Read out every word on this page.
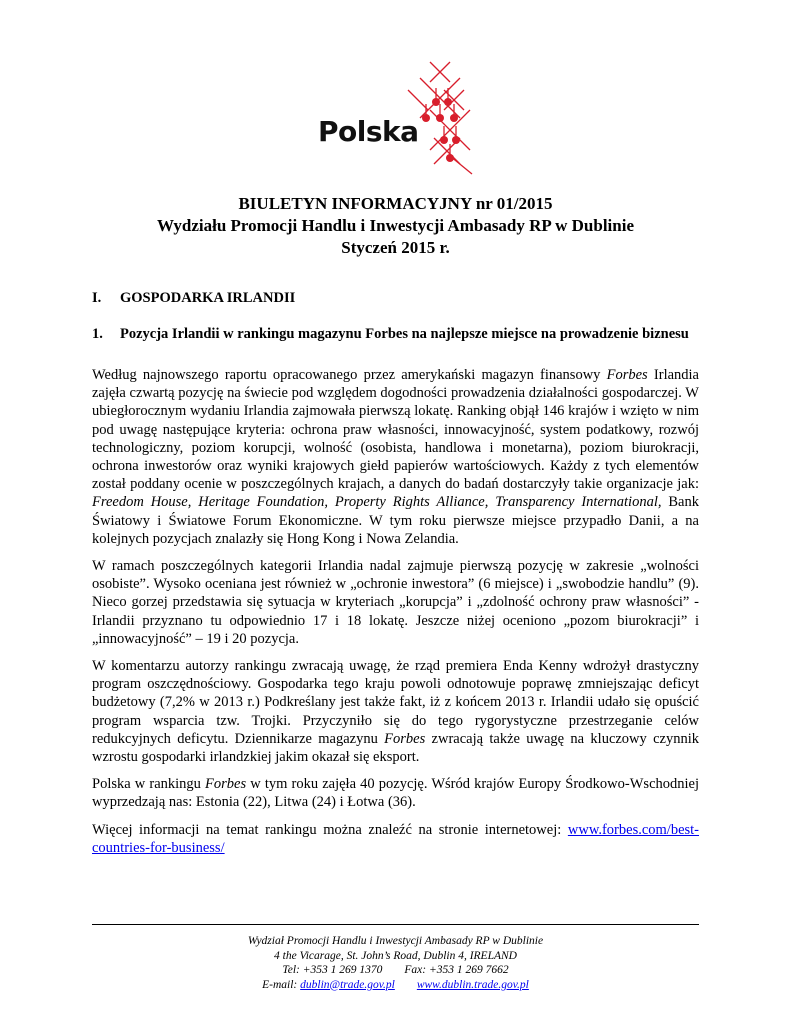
Polska
BIULETYN INFORMACYJNY nr 01/2015
Wydziału Promocji Handlu i Inwestycji Ambasady RP w Dublinie
Styczeń 2015 r.
I. GOSPODARKA IRLANDII
1. Pozycja Irlandii w rankingu magazynu Forbes na najlepsze miejsce na prowadzenie biznesu

Według najnowszego raportu opracowanego przez amerykański magazyn finansowy Forbes Irlandia zajęła czwartą pozycję na świecie pod względem dogodności prowadzenia działalności gospodarczej. W ubiegłorocznym wydaniu Irlandia zajmowała pierwszą lokatę. Ranking objął 146 krajów i wzięto w nim pod uwagę następujące kryteria: ochrona praw własności, innowacyjność, system podatkowy, rozwój technologiczny, poziom korupcji, wolność (osobista, handlowa i monetarna), poziom biurokracji, ochrona inwestorów oraz wyniki krajowych giełd papierów wartościowych. Każdy z tych elementów został poddany ocenie w poszczególnych krajach, a danych do badań dostarczyły takie organizacje jak: Freedom House, Heritage Foundation, Property Rights Alliance, Transparency International, Bank Światowy i Światowe Forum Ekonomiczne. W tym roku pierwsze miejsce przypadło Danii, a na kolejnych pozycjach znalazły się Hong Kong i Nowa Zelandia.

W ramach poszczególnych kategorii Irlandia nadal zajmuje pierwszą pozycję w zakresie „wolności osobiste”. Wysoko oceniana jest również w „ochronie inwestora” (6 miejsce) i „swobodzie handlu” (9). Nieco gorzej przedstawia się sytuacja w kryteriach „korupcja” i „zdolność ochrony praw własności” - Irlandii przyznano tu odpowiednio 17 i 18 lokatę. Jeszcze niżej oceniono „pozom biurokracji” i „innowacyjność” – 19 i 20 pozycja.

W komentarzu autorzy rankingu zwracają uwagę, że rząd premiera Enda Kenny wdrożył drastyczny program oszczędnościowy. Gospodarka tego kraju powoli odnotowuje poprawę zmniejszając deficyt budżetowy (7,2% w 2013 r.) Podkreślany jest także fakt, iż z końcem 2013 r. Irlandii udało się opuścić program wsparcia tzw. Trojki. Przyczyniło się do tego rygorystyczne przestrzeganie celów redukcyjnych deficytu. Dziennikarze magazynu Forbes zwracają także uwagę na kluczowy czynnik wzrostu gospodarki irlandzkiej jakim okazał się eksport.

Polska w rankingu Forbes w tym roku zajęła 40 pozycję. Wśród krajów Europy Środkowo-Wschodniej wyprzedzają nas: Estonia (22), Litwa (24) i Łotwa (36).

Więcej informacji na temat rankingu można znaleźć na stronie internetowej: www.forbes.com/best-countries-for-business/

Wydział Promocji Handlu i Inwestycji Ambasady RP w Dublinie
4 the Vicarage, St. John’s Road, Dublin 4, IRELAND
Tel: +353 1 269 1370 Fax: +353 1 269 7662
E-mail: dublin@trade.gov.pl www.dublin.trade.gov.pl
